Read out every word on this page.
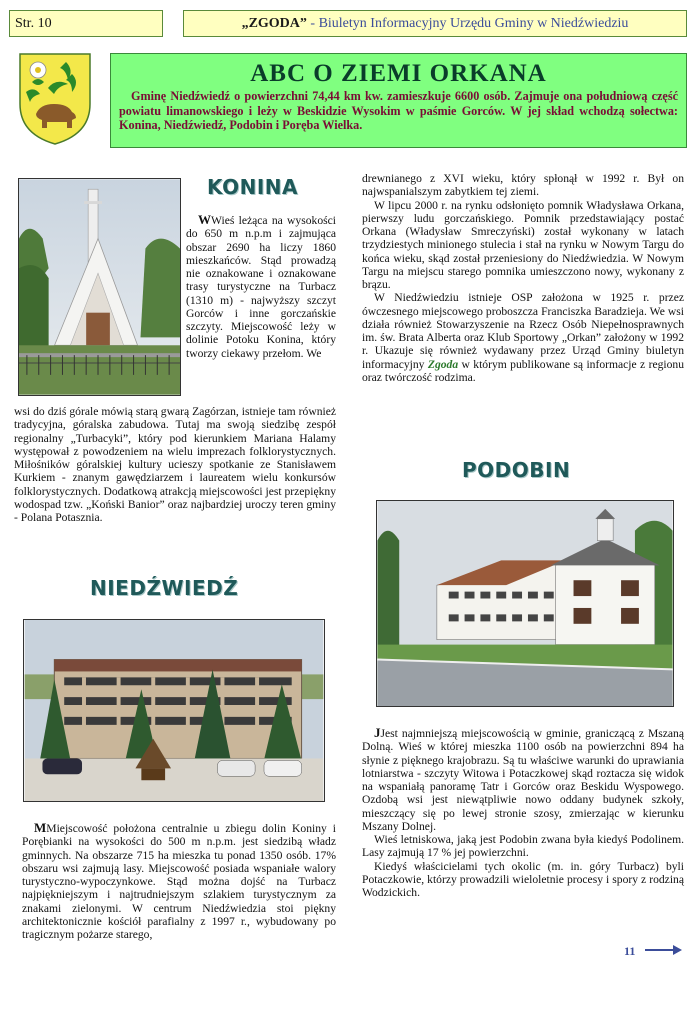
Str. 10	„ZGODA” - Biuletyn Informacyjny Urzędu Gminy w Niedźwiedziu
ABC O ZIEMI ORKANA

Gminę Niedźwiedź o powierzchni 74,44 km kw. zamieszkuje 6600 osób. Zajmuje ona południową część powiatu limanowskiego i leży w Beskidzie Wysokim w paśmie Gorców. W jej skład wchodzą sołectwa: Konina, Niedźwiedź, Podobin i Poręba Wielka.

KONINA
WWieś leżąca na wysokości do 650 m n.p.m i zajmująca obszar 2690 ha liczy 1860 mieszkańców. Stąd prowadzą nie oznakowane i oznakowane trasy turystyczne na Turbacz (1310 m) - najwyższy szczyt Gorców i inne gorczańskie szczyty. Miejscowość leży w dolinie Potoku Konina, który tworzy ciekawy przełom. We
wsi do dziś górale mówią starą gwarą Zagórzan, istnieje tam również tradycyjna, góralska zabudowa. Tutaj ma swoją siedzibę zespół regionalny „Turbacyki”, który pod kierunkiem Mariana Halamy występował z powodzeniem na wielu imprezach folklorystycznych. Miłośników góralskiej kultury ucieszy spotkanie ze Stanisławem Kurkiem - znanym gawędziarzem i laureatem wielu konkursów folklorystycznych. Dodatkową atrakcją miejscowości jest przepiękny wodospad tzw. „Koński Banior” oraz najbardziej uroczy teren gminy - Polana Potasznia.
NIEDŹWIEDŹ

MMiejscowość położona centralnie u zbiegu dolin Koniny i Porębianki na wysokości do 500 m n.p.m. jest siedzibą władz gminnych. Na obszarze 715 ha mieszka tu ponad 1350 osób. 17% obszaru wsi zajmują lasy. Miejscowość posiada wspaniałe walory turystyczno-wypoczynkowe. Stąd można dojść na Turbacz najpiękniejszym i najtrudniejszym szlakiem turystycznym za znakami zielonymi. W centrum Niedźwiedzia stoi piękny architektonicznie kościół parafialny z 1997 r., wybudowany po tragicznym pożarze starego,

drewnianego z XVI wieku, który spłonął w 1992 r. Był on najwspanialszym zabytkiem tej ziemi.

W lipcu 2000 r. na rynku odsłonięto pomnik Władysława Orkana, pierwszy ludu gorczańskiego. Pomnik przedstawiający postać Orkana (Władysław Smreczyński) został wykonany w latach trzydziestych minionego stulecia i stał na rynku w Nowym Targu do końca wieku, skąd został przeniesiony do Niedźwiedzia. W Nowym Targu na miejscu starego pomnika umieszczono nowy, wykonany z brązu.

W Niedźwiedziu istnieje OSP założona w 1925 r. przez ówczesnego miejscowego proboszcza Franciszka Baradzieja. We wsi działa również Stowarzyszenie na Rzecz Osób Niepełnosprawnych im. św. Brata Alberta oraz Klub Sportowy „Orkan” założony w 1992 r. Ukazuje się również wydawany przez Urząd Gminy biuletyn informacyjny Zgoda w którym publikowane są informacje z regionu oraz twórczość rodzima.

PODOBIN

JJest najmniejszą miejscowością w gminie, graniczącą z Mszaną Dolną. Wieś w której mieszka 1100 osób na powierzchni 894 ha słynie z pięknego krajobrazu. Są tu właściwe warunki do uprawiania lotniarstwa - szczyty Witowa i Potaczkowej skąd roztacza się widok na wspaniałą panoramę Tatr i Gorców oraz Beskidu Wyspowego. Ozdobą wsi jest niewątpliwie nowo oddany budynek szkoły, mieszczący się po lewej stronie szosy, zmierzając w kierunku Mszany Dolnej.

Wieś letniskowa, jaką jest Podobin zwana była kiedyś Podolinem. Lasy zajmują 17 % jej powierzchni.

Kiedyś właścicielami tych okolic (m. in. góry Turbacz) byli Potaczkowie, którzy prowadzili wieloletnie procesy i spory z rodziną Wodzickich.

11
